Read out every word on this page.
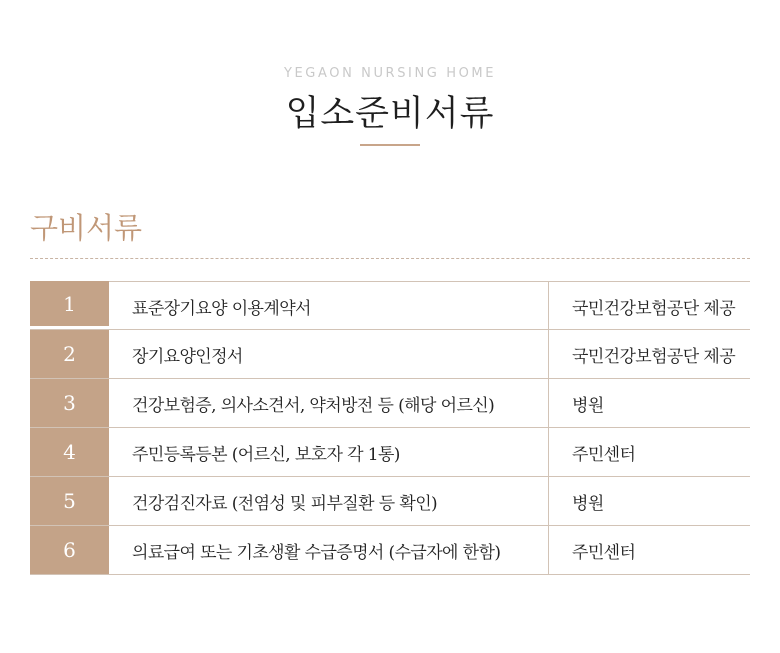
YEGAON NURSING HOME
입소준비서류
구비서류
1	표준장기요양 이용계약서	국민건강보험공단 제공
2	장기요양인정서	국민건강보험공단 제공
3	건강보험증, 의사소견서, 약처방전 등 (해당 어르신)	병원
4	주민등록등본 (어르신, 보호자 각 1통)	주민센터
5	건강검진자료 (전염성 및 피부질환 등 확인)	병원
6	의료급여 또는 기초생활 수급증명서 (수급자에 한함)	주민센터
